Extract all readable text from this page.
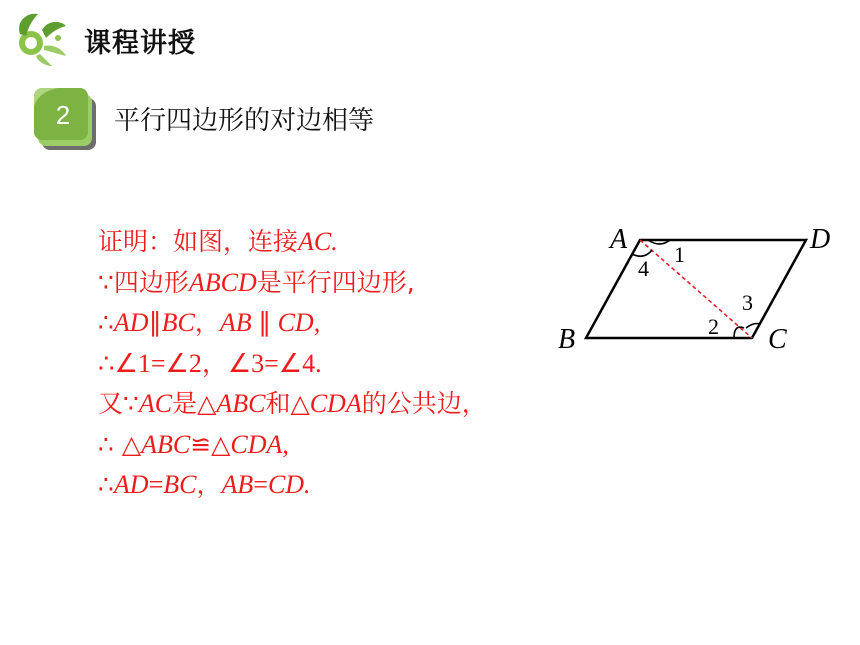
课程讲授
2 平行四边形的对边相等
证明：如图，连接AC.
∵四边形ABCD是平行四边形,
∴AD∥BC，AB ∥ CD,
∴∠1=∠2，∠3=∠4.
又∵AC是△ABC和△CDA的公共边，
∴ △ABC≌△CDA,
∴AD=BC，AB=CD.
A	D
B	C
1
4
3
2
